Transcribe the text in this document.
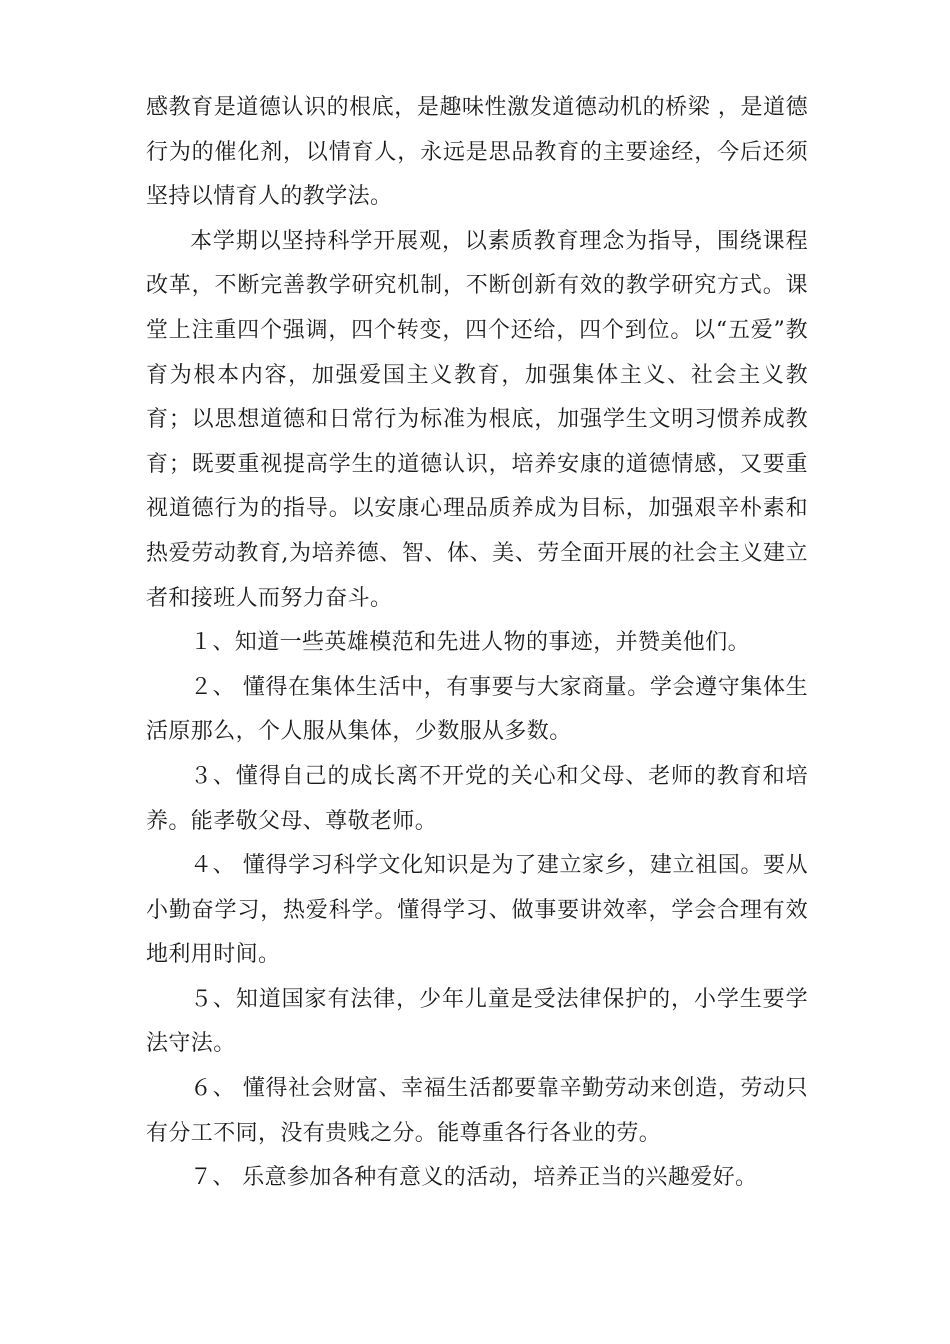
感教育是道德认识的根底，是趣味性激发道德动机的桥梁 ，是道德行为的催化剂，以情育人，永远是思品教育的主要途经，今后还须坚持以情育人的教学法。

本学期以坚持科学开展观，以素质教育理念为指导，围绕课程改革，不断完善教学研究机制，不断创新有效的教学研究方式。课堂上注重四个强调，四个转变，四个还给，四个到位。以“五爱”教育为根本内容，加强爱国主义教育，加强集体主义、社会主义教育；以思想道德和日常行为标准为根底，加强学生文明习惯养成教育；既要重视提高学生的道德认识，培养安康的道德情感，又要重视道德行为的指导。以安康心理品质养成为目标，加强艰辛朴素和热爱劳动教育,为培养德、智、体、美、劳全面开展的社会主义建立者和接班人而努力奋斗。

１、知道一些英雄模范和先进人物的事迹，并赞美他们。

２、 懂得在集体生活中，有事要与大家商量。学会遵守集体生活原那么，个人服从集体，少数服从多数。

３、懂得自己的成长离不开党的关心和父母、老师的教育和培养。能孝敬父母、尊敬老师。

４、 懂得学习科学文化知识是为了建立家乡，建立祖国。要从小勤奋学习，热爱科学。懂得学习、做事要讲效率，学会合理有效地利用时间。

５、知道国家有法律，少年儿童是受法律保护的，小学生要学法守法。

６、 懂得社会财富、幸福生活都要靠辛勤劳动来创造，劳动只有分工不同，没有贵贱之分。能尊重各行各业的劳。

７、 乐意参加各种有意义的活动，培养正当的兴趣爱好。
